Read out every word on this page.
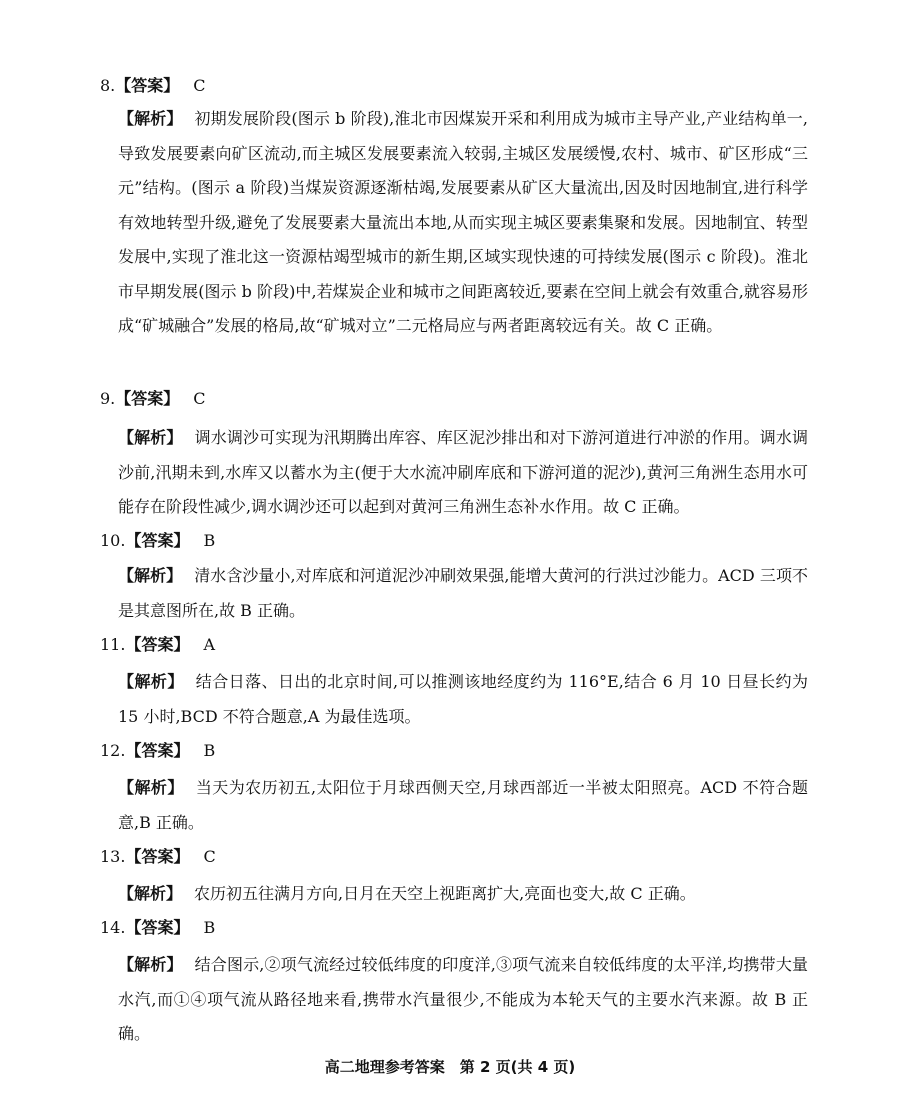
8.【答案】 C
【解析】 初期发展阶段(图示 b 阶段),淮北市因煤炭开采和利用成为城市主导产业,产业结构单一,导致发展要素向矿区流动,而主城区发展要素流入较弱,主城区发展缓慢,农村、城市、矿区形成“三元”结构。(图示 a 阶段)当煤炭资源逐渐枯竭,发展要素从矿区大量流出,因及时因地制宜,进行科学有效地转型升级,避免了发展要素大量流出本地,从而实现主城区要素集聚和发展。因地制宜、转型发展中,实现了淮北这一资源枯竭型城市的新生期,区域实现快速的可持续发展(图示 c 阶段)。淮北市早期发展(图示 b 阶段)中,若煤炭企业和城市之间距离较近,要素在空间上就会有效重合,就容易形成“矿城融合”发展的格局,故“矿城对立”二元格局应与两者距离较远有关。故 C 正确。
9.【答案】 C
【解析】 调水调沙可实现为汛期腾出库容、库区泥沙排出和对下游河道进行冲淤的作用。调水调沙前,汛期未到,水库又以蓄水为主(便于大水流冲刷库底和下游河道的泥沙),黄河三角洲生态用水可能存在阶段性减少,调水调沙还可以起到对黄河三角洲生态补水作用。故 C 正确。
10.【答案】 B
【解析】 清水含沙量小,对库底和河道泥沙冲刷效果强,能增大黄河的行洪过沙能力。ACD 三项不是其意图所在,故 B 正确。
11.【答案】 A
【解析】 结合日落、日出的北京时间,可以推测该地经度约为 116°E,结合 6 月 10 日昼长约为 15 小时,BCD 不符合题意,A 为最佳选项。
12.【答案】 B
【解析】 当天为农历初五,太阳位于月球西侧天空,月球西部近一半被太阳照亮。ACD 不符合题意,B 正确。
13.【答案】 C
【解析】 农历初五往满月方向,日月在天空上视距离扩大,亮面也变大,故 C 正确。
14.【答案】 B
【解析】 结合图示,②项气流经过较低纬度的印度洋,③项气流来自较低纬度的太平洋,均携带大量水汽,而①④项气流从路径地来看,携带水汽量很少,不能成为本轮天气的主要水汽来源。故 B 正确。
高二地理参考答案　第 2 页(共 4 页)
